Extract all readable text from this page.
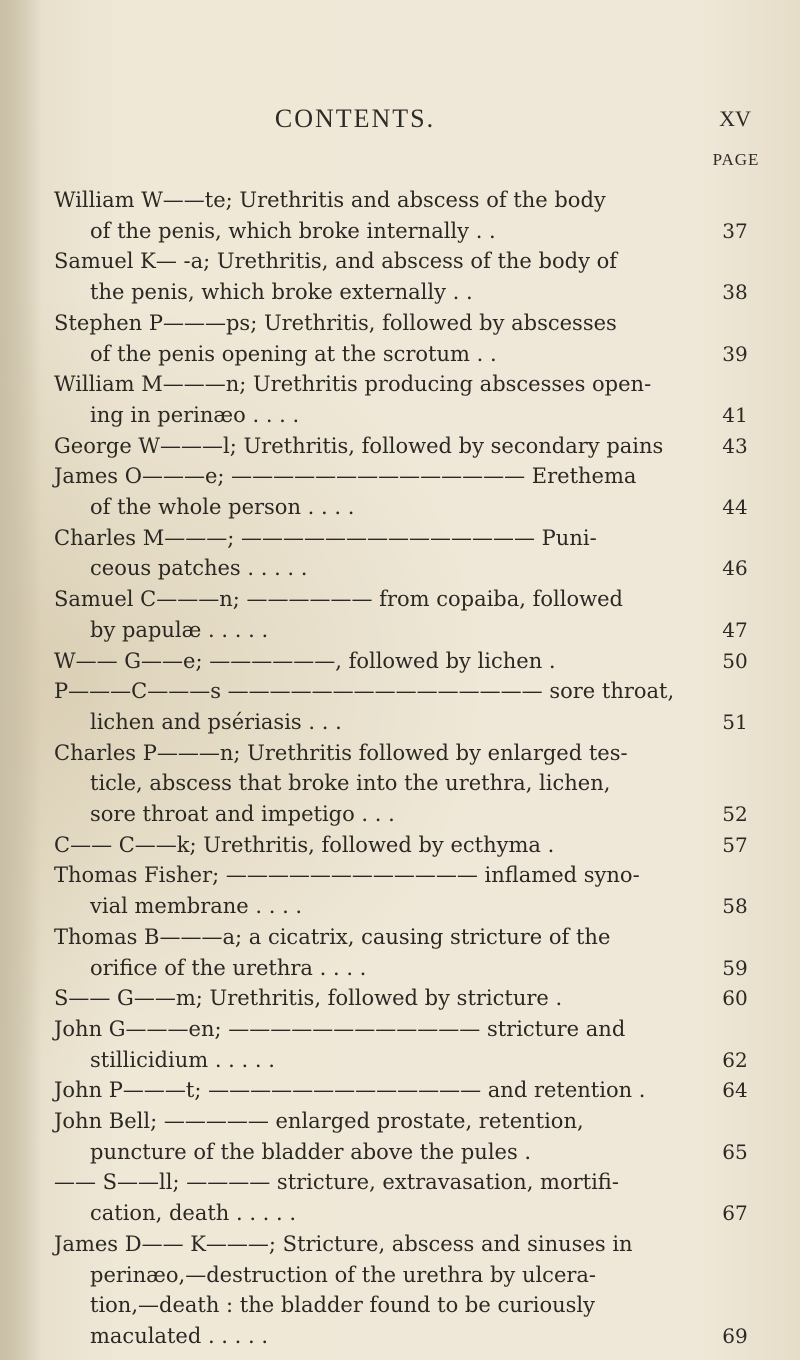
CONTENTS.	XV
PAGE
William W——te; Urethritis and abscess of the body
of the penis, which broke internally . .	37
Samuel K— -a; Urethritis, and abscess of the body of
the penis, which broke externally . .	38
Stephen P———ps; Urethritis, followed by abscesses
of the penis opening at the scrotum . .	39
William M———n; Urethritis producing abscesses open-
ing in perinæo . . . .	41
George W———l; Urethritis, followed by secondary pains	43
James O———e; —————————————— Erethema
of the whole person . . . .	44
Charles M———; —————————————— Puni-
ceous patches . . . . .	46
Samuel C———n; —————— from copaiba, followed
by papulæ . . . . .	47
W—— G——e; ——————, followed by lichen .	50
P———C———s ——————————————— sore throat,
lichen and psériasis . . .	51
Charles P———n; Urethritis followed by enlarged tes-
ticle, abscess that broke into the urethra, lichen,
sore throat and impetigo . . .	52
C—— C——k; Urethritis, followed by ecthyma .	57
Thomas Fisher; ———————————— inflamed syno-
vial membrane . . . .	58
Thomas B———a; a cicatrix, causing stricture of the
orifice of the urethra . . . .	59
S—— G——m; Urethritis, followed by stricture .	60
John G———en; ———————————— stricture and
stillicidium . . . . .	62
John P———t; ————————————— and retention .	64
John Bell; ————— enlarged prostate, retention,
puncture of the bladder above the pules .	65
—— S——ll; ———— stricture, extravasation, mortifi-
cation, death . . . . .	67
James D—— K———; Stricture, abscess and sinuses in
perinæo,—destruction of the urethra by ulcera-
tion,—death : the bladder found to be curiously
maculated . . . . .	69
